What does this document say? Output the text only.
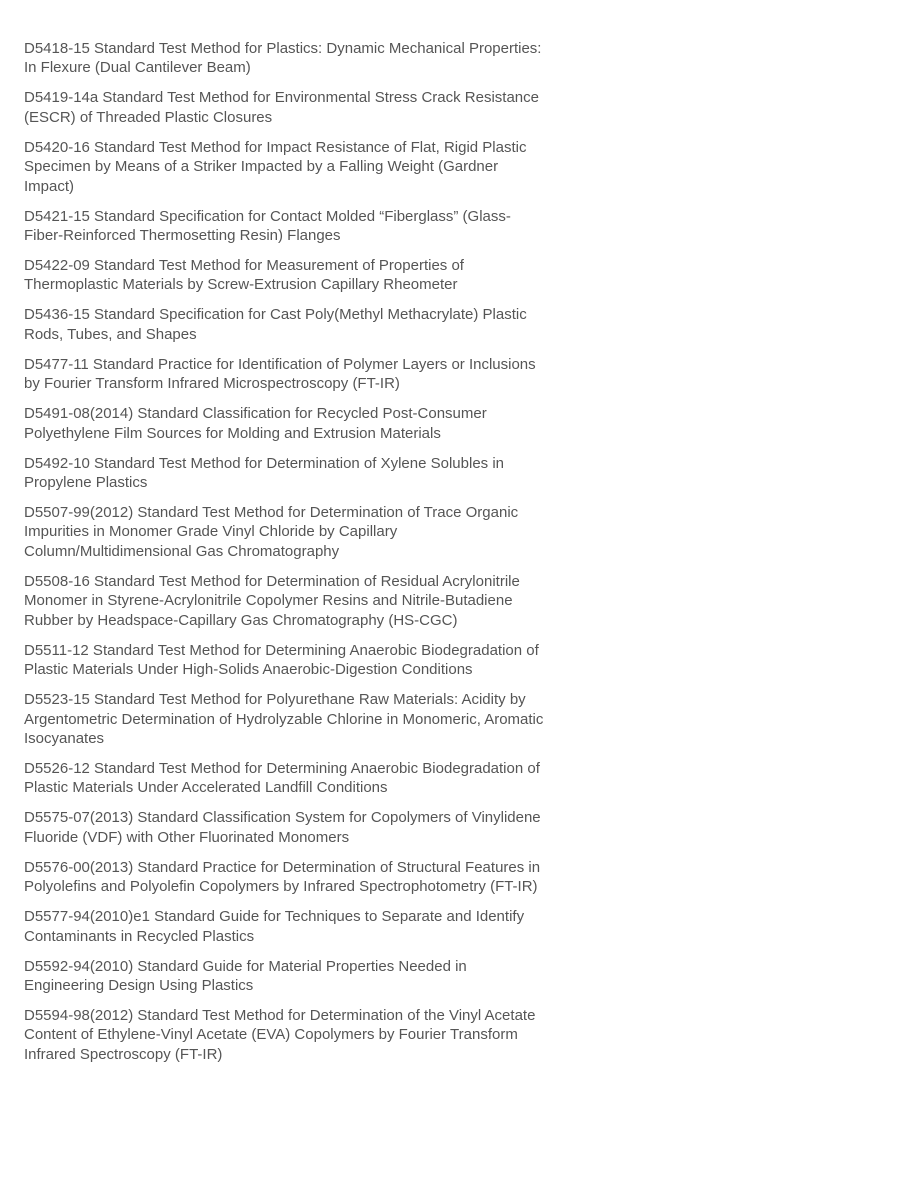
D5418-15 Standard Test Method for Plastics: Dynamic Mechanical Properties: In Flexure (Dual Cantilever Beam)

D5419-14a Standard Test Method for Environmental Stress Crack Resistance (ESCR) of Threaded Plastic Closures

D5420-16 Standard Test Method for Impact Resistance of Flat, Rigid Plastic Specimen by Means of a Striker Impacted by a Falling Weight (Gardner Impact)

D5421-15 Standard Specification for Contact Molded “Fiberglass” (Glass-Fiber-Reinforced Thermosetting Resin) Flanges

D5422-09 Standard Test Method for Measurement of Properties of Thermoplastic Materials by Screw-Extrusion Capillary Rheometer

D5436-15 Standard Specification for Cast Poly(Methyl Methacrylate) Plastic Rods, Tubes, and Shapes

D5477-11 Standard Practice for Identification of Polymer Layers or Inclusions by Fourier Transform Infrared Microspectroscopy (FT-IR)

D5491-08(2014) Standard Classification for Recycled Post-Consumer Polyethylene Film Sources for Molding and Extrusion Materials

D5492-10 Standard Test Method for Determination of Xylene Solubles in Propylene Plastics

D5507-99(2012) Standard Test Method for Determination of Trace Organic Impurities in Monomer Grade Vinyl Chloride by Capillary Column/Multidimensional Gas Chromatography

D5508-16 Standard Test Method for Determination of Residual Acrylonitrile Monomer in Styrene-Acrylonitrile Copolymer Resins and Nitrile-Butadiene Rubber by Headspace-Capillary Gas Chromatography (HS-CGC)

D5511-12 Standard Test Method for Determining Anaerobic Biodegradation of Plastic Materials Under High-Solids Anaerobic-Digestion Conditions

D5523-15 Standard Test Method for Polyurethane Raw Materials: Acidity by Argentometric Determination of Hydrolyzable Chlorine in Monomeric, Aromatic Isocyanates

D5526-12 Standard Test Method for Determining Anaerobic Biodegradation of Plastic Materials Under Accelerated Landfill Conditions

D5575-07(2013) Standard Classification System for Copolymers of Vinylidene Fluoride (VDF) with Other Fluorinated Monomers

D5576-00(2013) Standard Practice for Determination of Structural Features in Polyolefins and Polyolefin Copolymers by Infrared Spectrophotometry (FT-IR)

D5577-94(2010)e1 Standard Guide for Techniques to Separate and Identify Contaminants in Recycled Plastics

D5592-94(2010) Standard Guide for Material Properties Needed in Engineering Design Using Plastics

D5594-98(2012) Standard Test Method for Determination of the Vinyl Acetate Content of Ethylene-Vinyl Acetate (EVA) Copolymers by Fourier Transform Infrared Spectroscopy (FT-IR)
